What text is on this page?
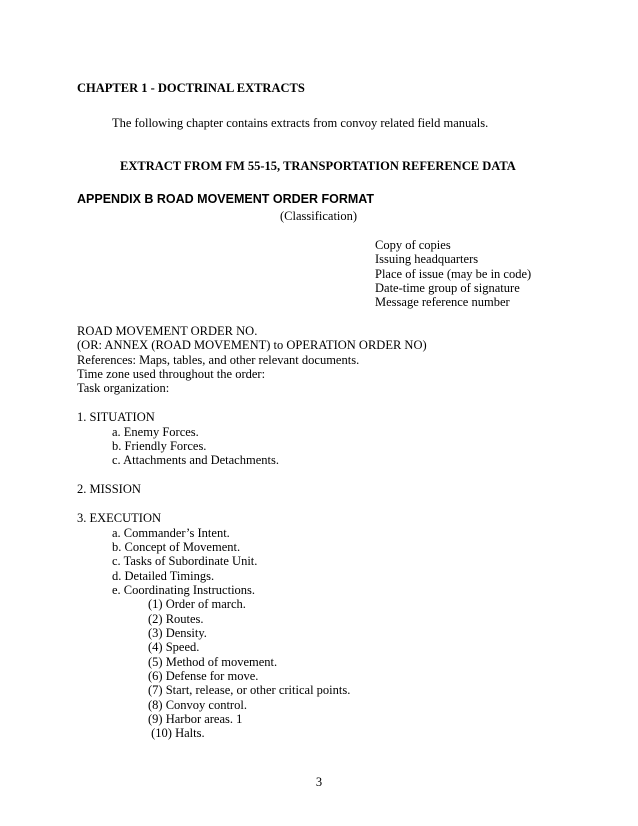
CHAPTER 1 - DOCTRINAL EXTRACTS
The following chapter contains extracts from convoy related field manuals.
EXTRACT FROM FM 55-15, TRANSPORTATION REFERENCE DATA
APPENDIX B ROAD MOVEMENT ORDER FORMAT
(Classification)
Copy of copies
Issuing headquarters
Place of issue (may be in code)
Date-time group of signature
Message reference number
ROAD MOVEMENT ORDER NO.
(OR: ANNEX (ROAD MOVEMENT) to OPERATION ORDER NO)
References: Maps, tables, and other relevant documents.
Time zone used throughout the order:
Task organization:
1. SITUATION
a. Enemy Forces.
b. Friendly Forces.
c. Attachments and Detachments.
2. MISSION
3. EXECUTION
a. Commander’s Intent.
b. Concept of Movement.
c. Tasks of Subordinate Unit.
d. Detailed Timings.
e. Coordinating Instructions.
(1) Order of march.
(2) Routes.
(3) Density.
(4) Speed.
(5) Method of movement.
(6) Defense for move.
(7) Start, release, or other critical points.
(8) Convoy control.
(9) Harbor areas. 1
(10) Halts.
3
